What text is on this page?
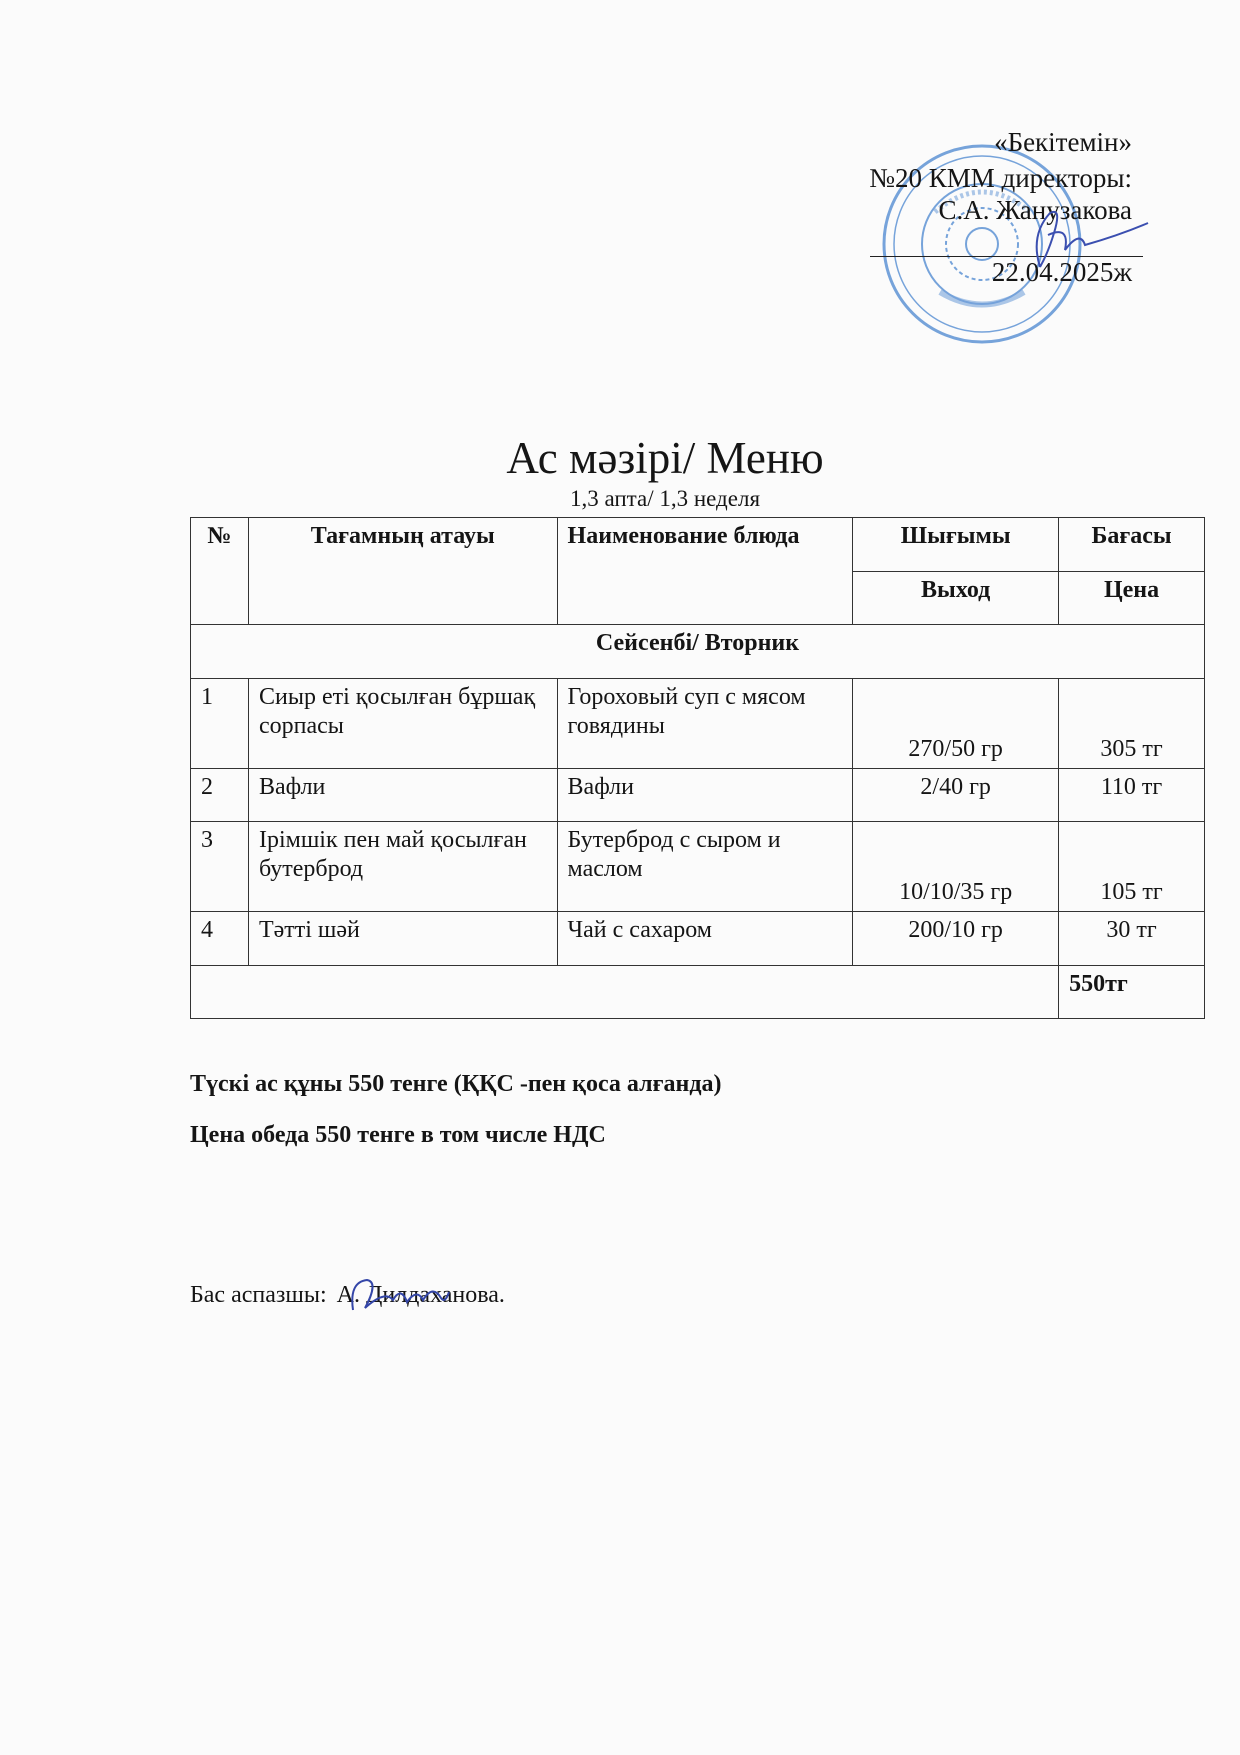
«Бекітемін»
№20 КММ директоры:
С.А. Жанузакова
22.04.2025ж
Ас мәзірі/ Меню
1,3 апта/ 1,3 неделя
№	Тағамның атауы	Наименование блюда	Шығымы	Бағасы
			Выход	Цена
Сейсенбі/ Вторник				
1	Сиыр еті қосылған бұршақ сорпасы	Гороховый суп с мясом говядины	270/50 гр	305 тг
2	Вафли	Вафли	2/40 гр	110 тг
3	Ірімшік пен май қосылған бутерброд	Бутерброд с сыром и маслом	10/10/35 гр	105 тг
4	Тәтті шәй	Чай с сахаром	200/10 гр	30 тг
				550тг
Түскі ас құны 550 тенге (ҚҚС -пен қоса алғанда)
Цена обеда 550 тенге в том числе НДС
Бас аспазшы: А. Дилдаханова.
